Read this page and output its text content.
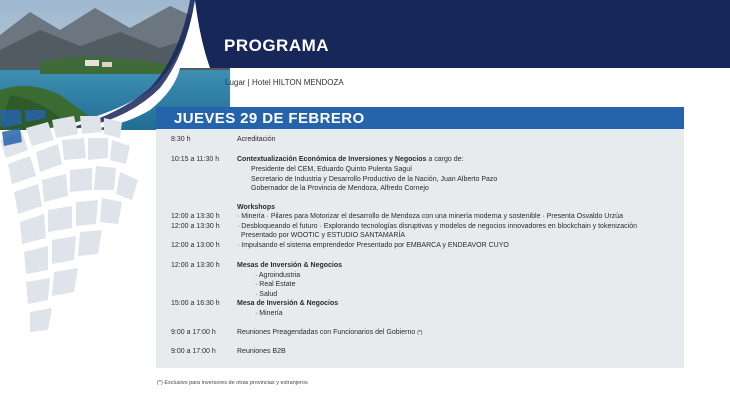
PROGRAMA
Lugar | Hotel HILTON MENDOZA
JUEVES 29 DE FEBRERO
8:30 h	Acreditación
10:15 a 11:30 h	Contextualización Económica de Inversiones y Negocios a cargo de:
Presidente del CEM, Eduardo Quinto Pulenta Saguí
Secretario de Industria y Desarrollo Productivo de la Nación, Juan Alberto Pazo
Gobernador de la Provincia de Mendoza, Alfredo Cornejo
Workshops
12:00 a 13:30 h · Minería · Pilares para Motorizar el desarrollo de Mendoza con una minería moderna y sostenible · Presenta Osvaldo Urzúa
12:00 a 13:30 h · Desbloqueando el futuro · Explorando tecnologías disruptivas y modelos de negocios innovadores en blockchain y tokenización
Presentado por WOOTIC y ESTUDIO SANTAMARÍA
12:00 a 13:00 h · Impulsando el sistema emprendedor Presentado por EMBARCA y ENDEAVOR CUYO
12:00 a 13:30 h Mesas de Inversión & Negocios
· Agroindustria
· Real Estate
· Salud
15:00 a 16:30 h Mesa de Inversión & Negocios
· Minería
9:00 a 17:00 h	Reuniones Preagendadas con Funcionarios del Gobierno (*)
9:00 a 17:00 h	Reuniones B2B
(*) Exclusivo para inversores de otras provincias y extranjeros
